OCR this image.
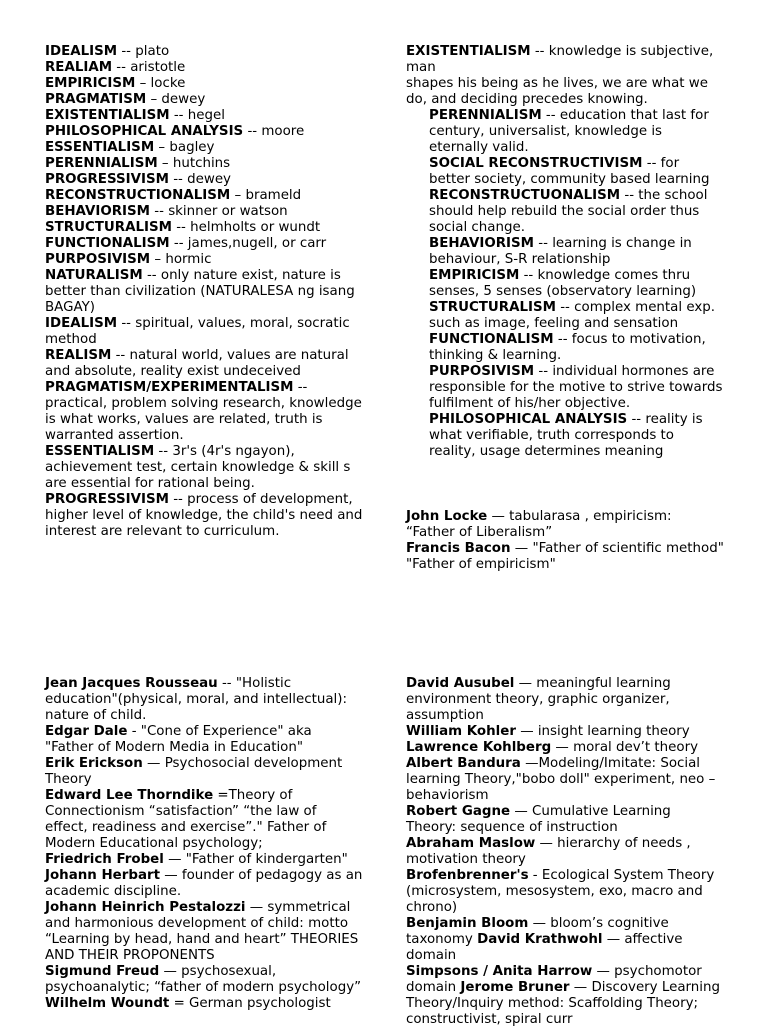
IDEALISM -- plato

REALIAM -- aristotle

EMPIRICISM – locke

PRAGMATISM – dewey

EXISTENTIALISM -- hegel

PHILOSOPHICAL ANALYSIS -- moore

ESSENTIALISM – bagley

PERENNIALISM – hutchins

PROGRESSIVISM -- dewey

RECONSTRUCTIONALISM – brameld

BEHAVIORISM -- skinner or watson

STRUCTURALISM -- helmholts or wundt

FUNCTIONALISM -- james,nugell, or carr

PURPOSIVISM – hormic

NATURALISM -- only nature exist, nature is better than civilization (NATURALESA ng isang BAGAY)

IDEALISM -- spiritual, values, moral, socratic method

REALISM -- natural world, values are natural and absolute, reality exist undeceived

PRAGMATISM/EXPERIMENTALISM -- practical, problem solving research, knowledge is what works, values are related, truth is warranted assertion.

ESSENTIALISM -- 3r's (4r's ngayon), achievement test, certain knowledge & skill s are essential for rational being.

PROGRESSIVISM -- process of development, higher level of knowledge, the child's need and interest are relevant to curriculum.

EXISTENTIALISM -- knowledge is subjective, man

shapes his being as he lives, we are what we do, and deciding precedes knowing.

PERENNIALISM -- education that last for century, universalist, knowledge is eternally valid.

SOCIAL RECONSTRUCTIVISM -- for better society, community based learning

RECONSTRUCTUONALISM -- the school should help rebuild the social order thus social change.

BEHAVIORISM -- learning is change in behaviour, S-R relationship

EMPIRICISM -- knowledge comes thru senses, 5 senses (observatory learning)

STRUCTURALISM -- complex mental exp. such as image, feeling and sensation

FUNCTIONALISM -- focus to motivation, thinking & learning.

PURPOSIVISM -- individual hormones are responsible for the motive to strive towards fulfilment of his/her objective.

PHILOSOPHICAL ANALYSIS -- reality is what verifiable, truth corresponds to reality, usage determines meaning

John Locke — tabularasa , empiricism: “Father of Liberalism”

Francis Bacon — "Father of scientific method" "Father of empiricism"

Jean Jacques Rousseau -- "Holistic education"(physical, moral, and intellectual): nature of child.

Edgar Dale - "Cone of Experience" aka "Father of Modern Media in Education"

Erik Erickson — Psychosocial development Theory

Edward Lee Thorndike =Theory of Connectionism “satisfaction” “the law of effect, readiness and exercise”." Father of Modern Educational psychology;

Friedrich Frobel — "Father of kindergarten"

Johann Herbart — founder of pedagogy as an academic discipline.

Johann Heinrich Pestalozzi — symmetrical and harmonious development of child: motto “Learning by head, hand and heart” THEORIES AND THEIR PROPONENTS

Sigmund Freud — psychosexual, psychoanalytic; “father of modern psychology”

Wilhelm Woundt = German psychologist

David Ausubel — meaningful learning environment theory, graphic organizer, assumption

William Kohler — insight learning theory

Lawrence Kohlberg — moral dev’t theory

Albert Bandura —Modeling/Imitate: Social learning Theory,"bobo doll" experiment, neo – behaviorism

Robert Gagne — Cumulative Learning Theory: sequence of instruction

Abraham Maslow — hierarchy of needs , motivation theory

Brofenbrenner's - Ecological System Theory (microsystem, mesosystem, exo, macro and chrono)

Benjamin Bloom — bloom’s cognitive taxonomy David Krathwohl — affective domain

Simpsons / Anita Harrow — psychomotor domain Jerome Bruner — Discovery Learning Theory/Inquiry method: Scaffolding Theory; constructivist, spiral curr
